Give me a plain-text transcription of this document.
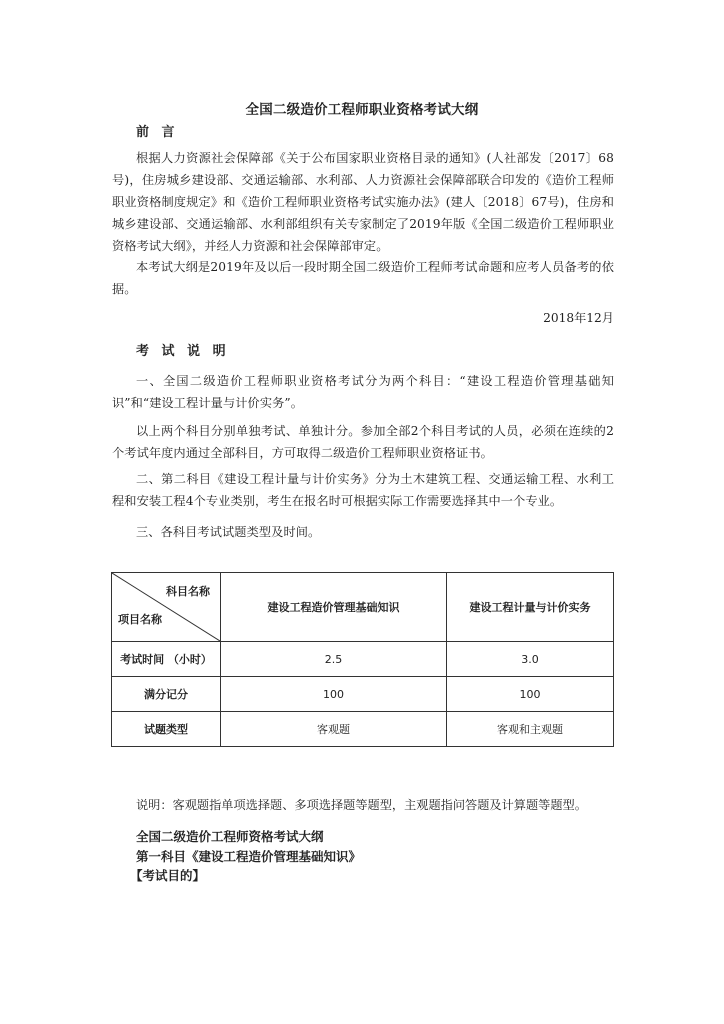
全国二级造价工程师职业资格考试大纲
前 言
根据人力资源社会保障部《关于公布国家职业资格目录的通知》(人社部发〔2017〕68号)，住房城乡建设部、交通运输部、水利部、人力资源社会保障部联合印发的《造价工程师职业资格制度规定》和《造价工程师职业资格考试实施办法》(建人〔2018〕67号)，住房和城乡建设部、交通运输部、水利部组织有关专家制定了2019年版《全国二级造价工程师职业资格考试大纲》，并经人力资源和社会保障部审定。
本考试大纲是2019年及以后一段时期全国二级造价工程师考试命题和应考人员备考的依据。
2018年12月
考 试 说 明
一、全国二级造价工程师职业资格考试分为两个科目：“建设工程造价管理基础知识”和“建设工程计量与计价实务”。
以上两个科目分别单独考试、单独计分。参加全部2个科目考试的人员，必须在连续的2个考试年度内通过全部科目，方可取得二级造价工程师职业资格证书。
二、第二科目《建设工程计量与计价实务》分为土木建筑工程、交通运输工程、水利工程和安装工程4个专业类别，考生在报名时可根据实际工作需要选择其中一个专业。
三、各科目考试试题类型及时间。
科目名称
项目名称	建设工程造价管理基础知识	建设工程计量与计价实务
考试时间 （小时）	2.5	3.0
满分记分	100	100
试题类型	客观题	客观和主观题
说明：客观题指单项选择题、多项选择题等题型，主观题指问答题及计算题等题型。
全国二级造价工程师资格考试大纲
第一科目《建设工程造价管理基础知识》
【考试目的】
